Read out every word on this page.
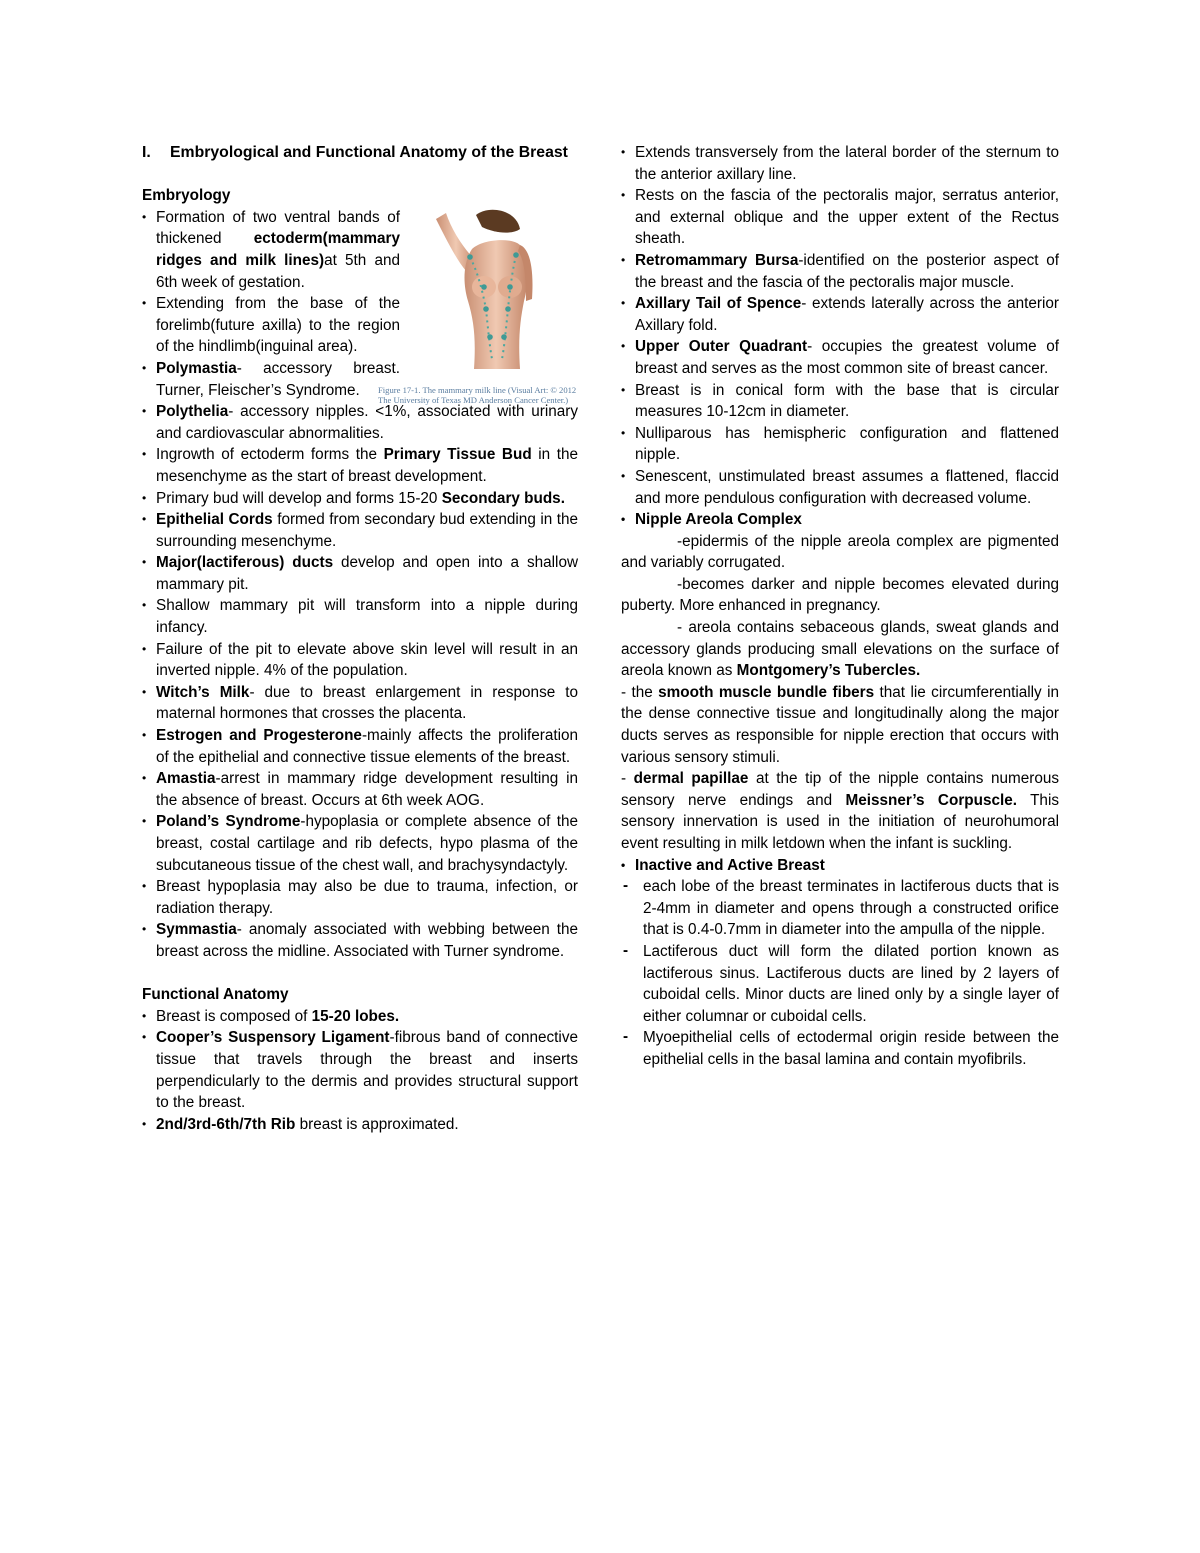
I. Embryological and Functional Anatomy of the Breast

Embryology

Figure 17-1. The mammary milk line (Visual Art: © 2012 The University of Texas MD Anderson Cancer Center.)

• Formation of two ventral bands of thickened ectoderm(mammary ridges and milk lines)at 5th and 6th week of gestation.

• Extending from the base of the forelimb(future axilla) to the region of the hindlimb(inguinal area).

• Polymastia- accessory breast. Turner, Fleischer’s Syndrome.

• Polythelia- accessory nipples. <1%, associated with urinary and cardiovascular abnormalities.

• Ingrowth of ectoderm forms the Primary Tissue Bud in the mesenchyme as the start of breast development.

• Primary bud will develop and forms 15-20 Secondary buds.

• Epithelial Cords formed from secondary bud extending in the surrounding mesenchyme.

• Major(lactiferous) ducts develop and open into a shallow mammary pit.

• Shallow mammary pit will transform into a nipple during infancy.

• Failure of the pit to elevate above skin level will result in an inverted nipple. 4% of the population.

• Witch’s Milk- due to breast enlargement in response to maternal hormones that crosses the placenta.

• Estrogen and Progesterone-mainly affects the proliferation of the epithelial and connective tissue elements of the breast.

• Amastia-arrest in mammary ridge development resulting in the absence of breast. Occurs at 6th week AOG.

• Poland’s Syndrome-hypoplasia or complete absence of the breast, costal cartilage and rib defects, hypo plasma of the subcutaneous tissue of the chest wall, and brachysyndactyly.

• Breast hypoplasia may also be due to trauma, infection, or radiation therapy.

• Symmastia- anomaly associated with webbing between the breast across the midline. Associated with Turner syndrome.

Functional Anatomy

• Breast is composed of 15-20 lobes.

• Cooper’s Suspensory Ligament-fibrous band of connective tissue that travels through the breast and inserts perpendicularly to the dermis and provides structural support to the breast.

• 2nd/3rd-6th/7th Rib breast is approximated.

• Extends transversely from the lateral border of the sternum to the anterior axillary line.

• Rests on the fascia of the pectoralis major, serratus anterior, and external oblique and the upper extent of the Rectus sheath.

• Retromammary Bursa-identified on the posterior aspect of the breast and the fascia of the pectoralis major muscle.

• Axillary Tail of Spence- extends laterally across the anterior Axillary fold.

• Upper Outer Quadrant- occupies the greatest volume of breast and serves as the most common site of breast cancer.

• Breast is in conical form with the base that is circular measures 10-12cm in diameter.

• Nulliparous has hemispheric configuration and flattened nipple.

• Senescent, unstimulated breast assumes a flattened, flaccid and more pendulous configuration with decreased volume.

• Nipple Areola Complex

-epidermis of the nipple areola complex are pigmented and variably corrugated.

-becomes darker and nipple becomes elevated during puberty. More enhanced in pregnancy.

- areola contains sebaceous glands, sweat glands and accessory glands producing small elevations on the surface of areola known as Montgomery’s Tubercles.

- the smooth muscle bundle fibers that lie circumferentially in the dense connective tissue and longitudinally along the major ducts serves as responsible for nipple erection that occurs with various sensory stimuli.

- dermal papillae at the tip of the nipple contains numerous sensory nerve endings and Meissner’s Corpuscle. This sensory innervation is used in the initiation of neurohumoral event resulting in milk letdown when the infant is suckling.

• Inactive and Active Breast

- each lobe of the breast terminates in lactiferous ducts that is 2-4mm in diameter and opens through a constructed orifice that is 0.4-0.7mm in diameter into the ampulla of the nipple.

- Lactiferous duct will form the dilated portion known as lactiferous sinus. Lactiferous ducts are lined by 2 layers of cuboidal cells. Minor ducts are lined only by a single layer of either columnar or cuboidal cells.

- Myoepithelial cells of ectodermal origin reside between the epithelial cells in the basal lamina and contain myofibrils.
